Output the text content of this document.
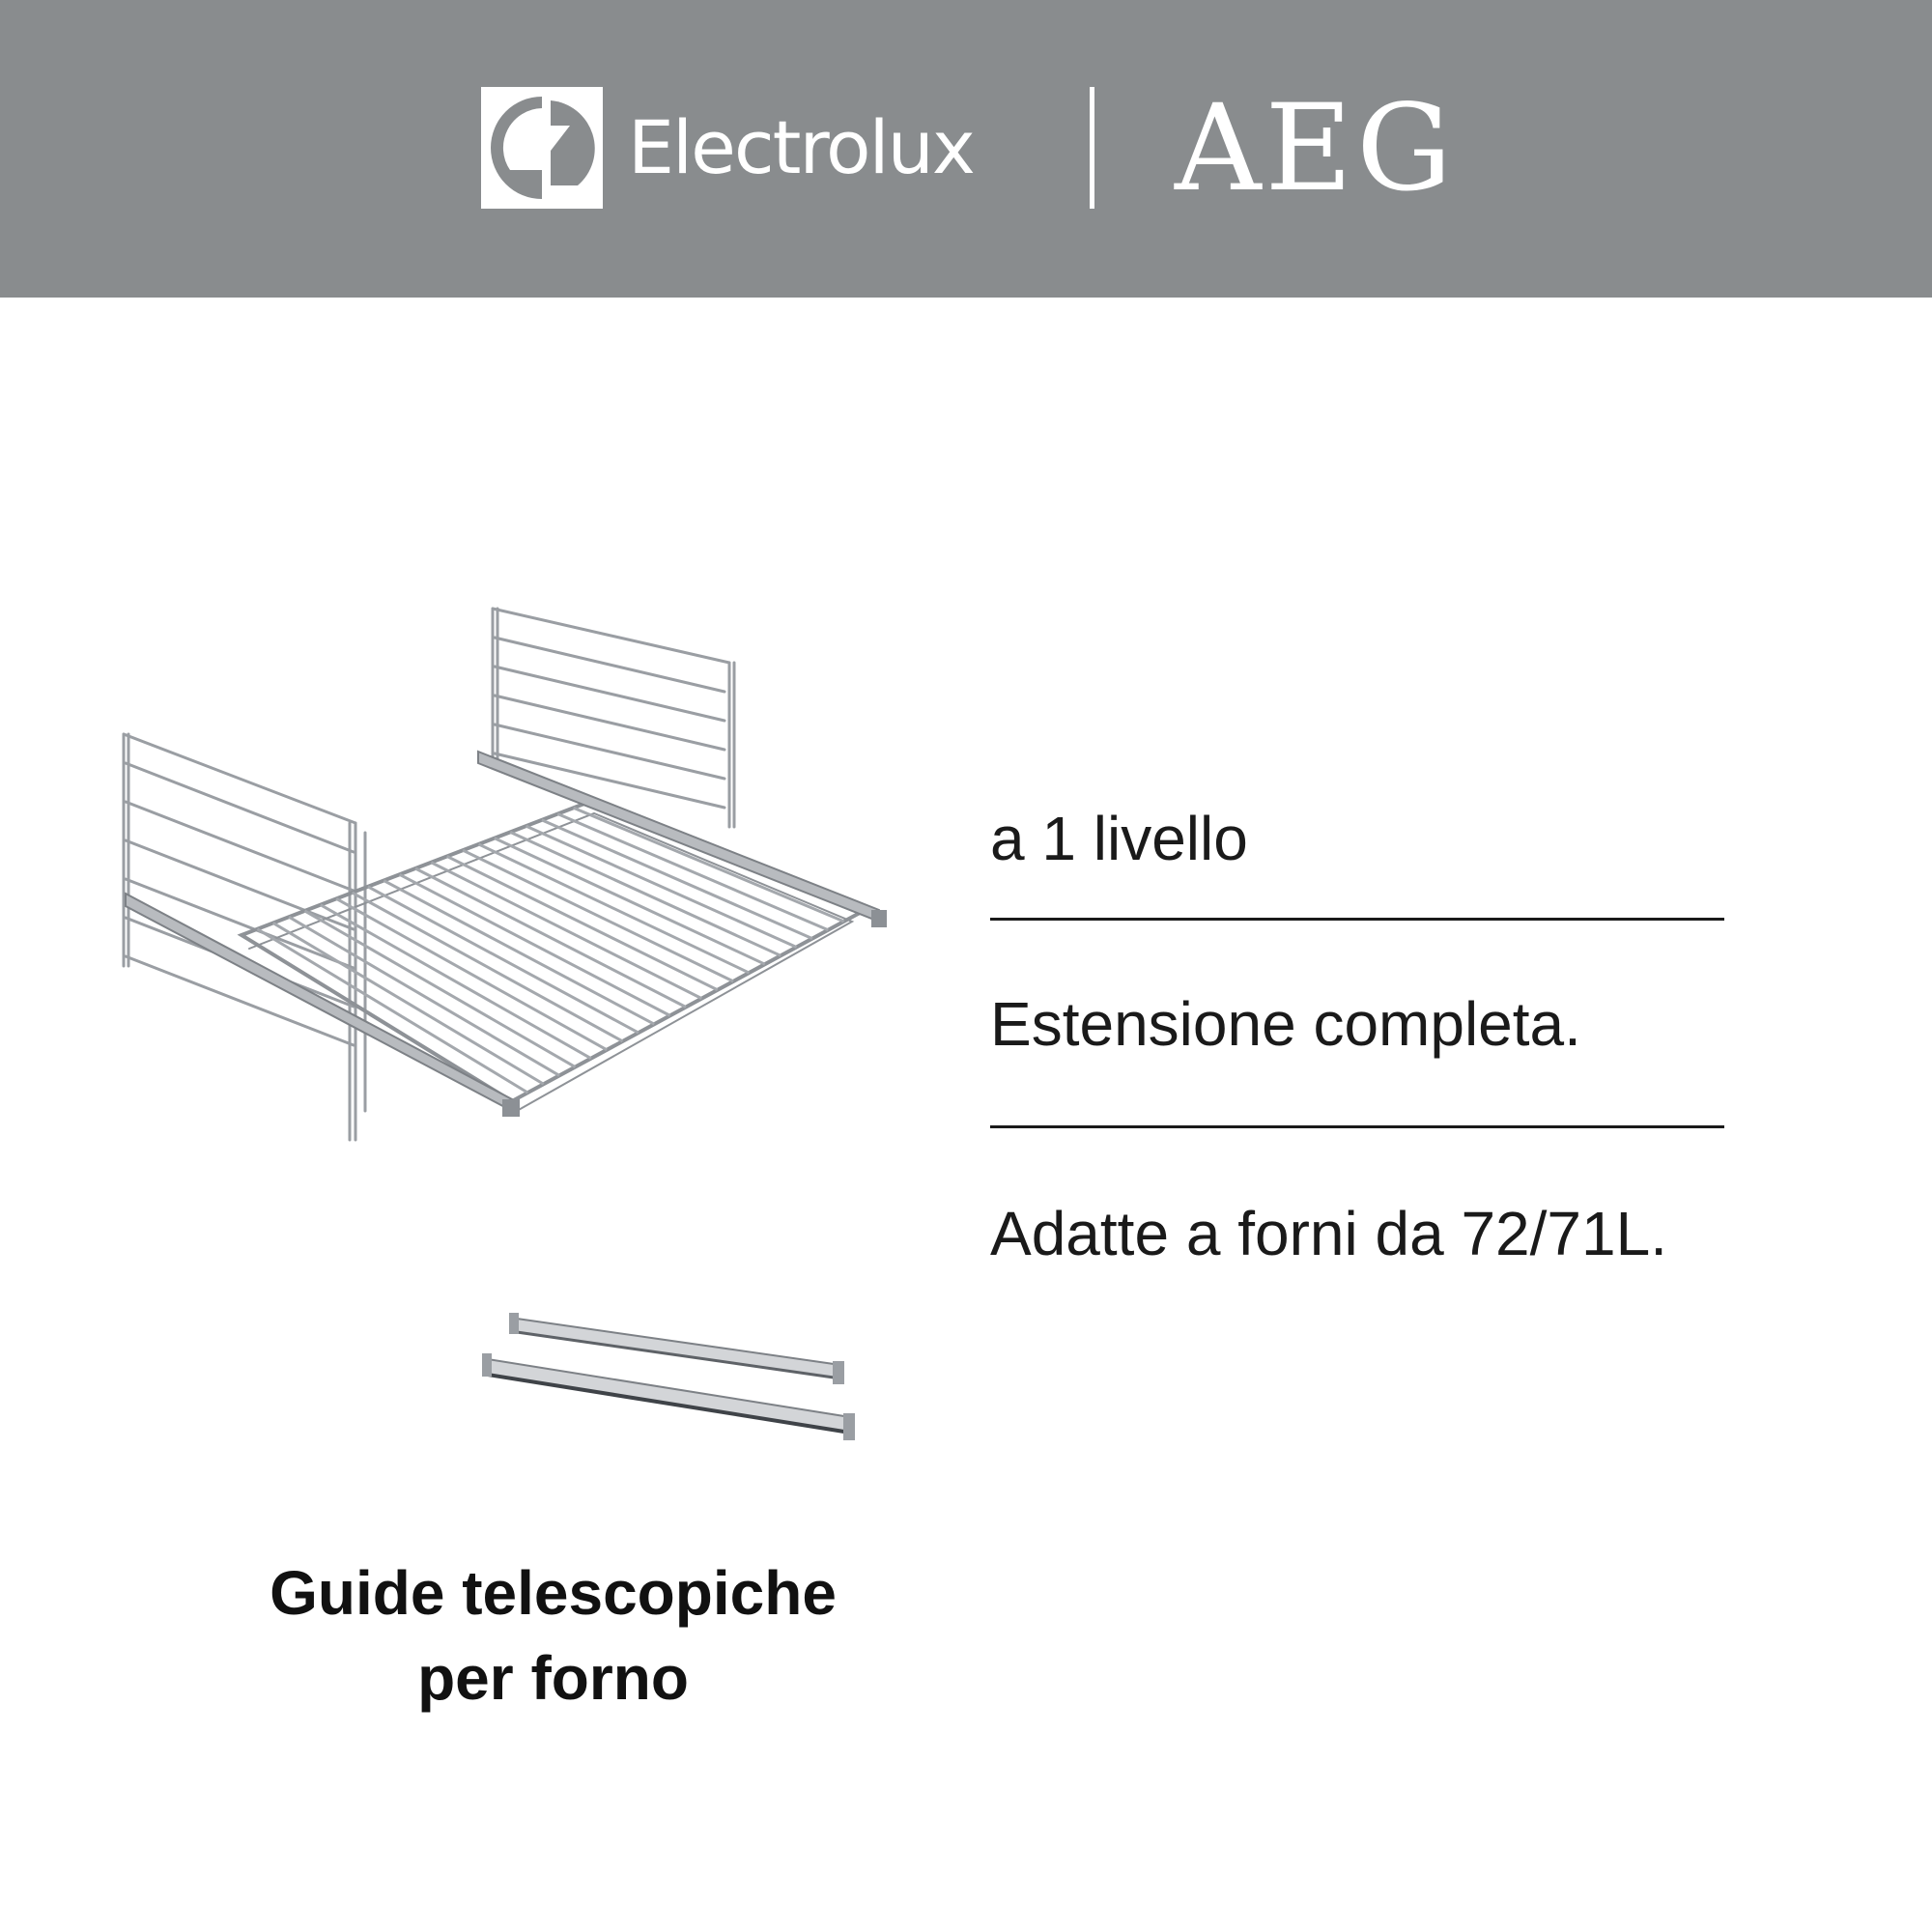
Electrolux AEG
Guide telescopiche
per forno
a 1 livello
Estensione completa.
Adatte a forni da 72/71L.
